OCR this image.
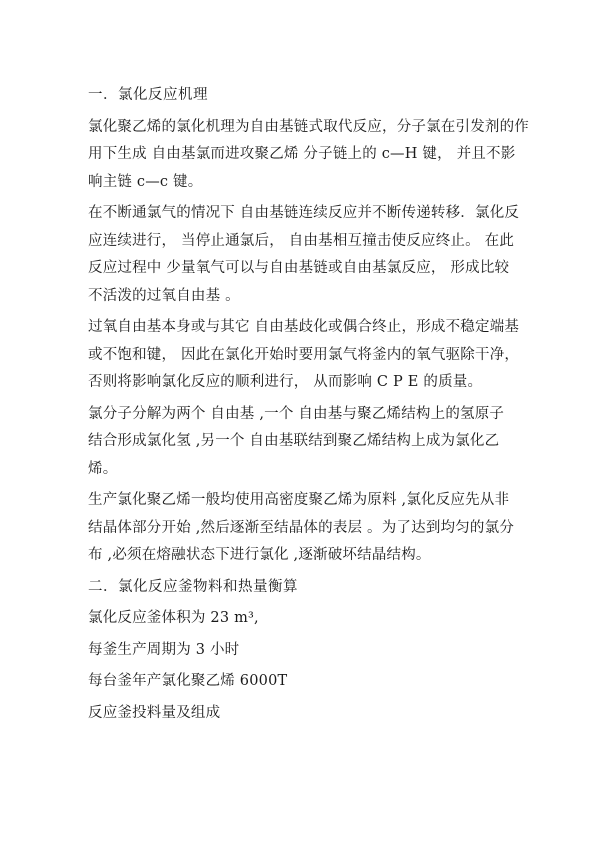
一．氯化反应机理
氯化聚乙烯的氯化机理为自由基链式取代反应，分子氯在引发剂的作
用下生成 自由基氯而进攻聚乙烯 分子链上的 c—H 键， 并且不影
响主链 c—c 键。
在不断通氯气的情况下 自由基链连续反应并不断传递转移．氯化反
应连续进行， 当停止通氯后， 自由基相互撞击使反应终止。 在此
反应过程中 少量氧气可以与自由基链或自由基氯反应， 形成比较
不活泼的过氧自由基 。
过氧自由基本身或与其它 自由基歧化或偶合终止，形成不稳定端基
或不饱和键， 因此在氯化开始时要用氯气将釜内的氧气驱除干净，
否则将影响氯化反应的顺利进行， 从而影响 C P E 的质量。
氯分子分解为两个 自由基 ,一个 自由基与聚乙烯结构上的氢原子
结合形成氯化氢 ,另一个 自由基联结到聚乙烯结构上成为氯化乙
烯。
生产氯化聚乙烯一般均使用高密度聚乙烯为原料 ,氯化反应先从非
结晶体部分开始 ,然后逐渐至结晶体的表层 。为了达到均匀的氯分
布 ,必须在熔融状态下进行氯化 ,逐渐破坏结晶结构。
二．氯化反应釜物料和热量衡算
氯化反应釜体积为 23 m³,
每釜生产周期为 3 小时
每台釜年产氯化聚乙烯 6000T
反应釜投料量及组成
